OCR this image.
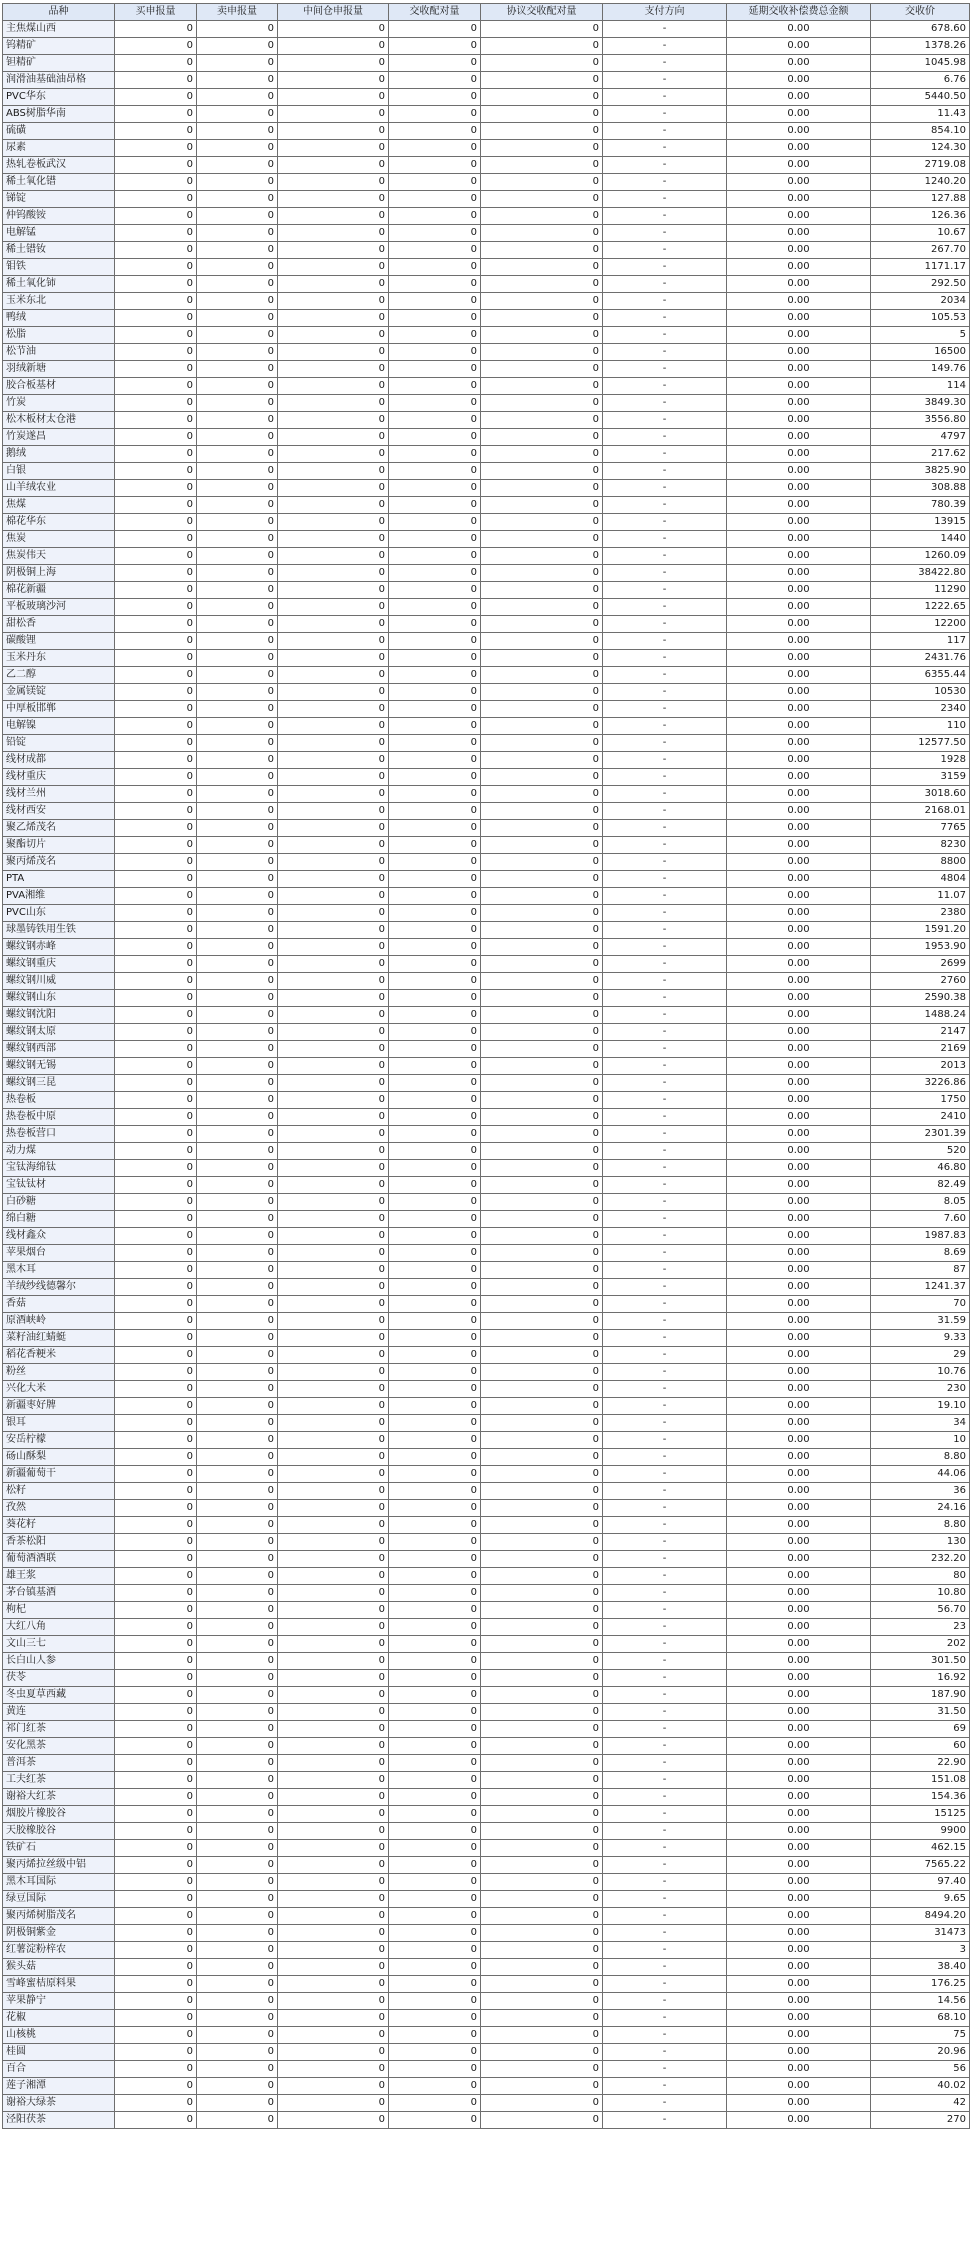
品种	买申报量	卖申报量	中间仓申报量	交收配对量	协议交收配对量	支付方向	延期交收补偿费总金额	交收价
主焦煤山西	0	0	0	0	0	-	0.00	678.60
钨精矿	0	0	0	0	0	-	0.00	1378.26
钽精矿	0	0	0	0	0	-	0.00	1045.98
润滑油基础油昂格	0	0	0	0	0	-	0.00	6.76
PVC华东	0	0	0	0	0	-	0.00	5440.50
ABS树脂华南	0	0	0	0	0	-	0.00	11.43
硫磺	0	0	0	0	0	-	0.00	854.10
尿素	0	0	0	0	0	-	0.00	124.30
热轧卷板武汉	0	0	0	0	0	-	0.00	2719.08
稀土氧化镨	0	0	0	0	0	-	0.00	1240.20
锑锭	0	0	0	0	0	-	0.00	127.88
仲钨酸铵	0	0	0	0	0	-	0.00	126.36
电解锰	0	0	0	0	0	-	0.00	10.67
稀土镨钕	0	0	0	0	0	-	0.00	267.70
钼铁	0	0	0	0	0	-	0.00	1171.17
稀土氧化铈	0	0	0	0	0	-	0.00	292.50
玉米东北	0	0	0	0	0	-	0.00	2034
鸭绒	0	0	0	0	0	-	0.00	105.53
松脂	0	0	0	0	0	-	0.00	5
松节油	0	0	0	0	0	-	0.00	16500
羽绒新塘	0	0	0	0	0	-	0.00	149.76
胶合板基材	0	0	0	0	0	-	0.00	114
竹炭	0	0	0	0	0	-	0.00	3849.30
松木板材太仓港	0	0	0	0	0	-	0.00	3556.80
竹炭遂昌	0	0	0	0	0	-	0.00	4797
鹅绒	0	0	0	0	0	-	0.00	217.62
白银	0	0	0	0	0	-	0.00	3825.90
山羊绒农业	0	0	0	0	0	-	0.00	308.88
焦煤	0	0	0	0	0	-	0.00	780.39
棉花华东	0	0	0	0	0	-	0.00	13915
焦炭	0	0	0	0	0	-	0.00	1440
焦炭伟天	0	0	0	0	0	-	0.00	1260.09
阴极铜上海	0	0	0	0	0	-	0.00	38422.80
棉花新疆	0	0	0	0	0	-	0.00	11290
平板玻璃沙河	0	0	0	0	0	-	0.00	1222.65
甜松香	0	0	0	0	0	-	0.00	12200
碳酸锂	0	0	0	0	0	-	0.00	117
玉米丹东	0	0	0	0	0	-	0.00	2431.76
乙二醇	0	0	0	0	0	-	0.00	6355.44
金属镁锭	0	0	0	0	0	-	0.00	10530
中厚板邯郸	0	0	0	0	0	-	0.00	2340
电解镍	0	0	0	0	0	-	0.00	110
铅锭	0	0	0	0	0	-	0.00	12577.50
线材成都	0	0	0	0	0	-	0.00	1928
线材重庆	0	0	0	0	0	-	0.00	3159
线材兰州	0	0	0	0	0	-	0.00	3018.60
线材西安	0	0	0	0	0	-	0.00	2168.01
聚乙烯茂名	0	0	0	0	0	-	0.00	7765
聚酯切片	0	0	0	0	0	-	0.00	8230
聚丙烯茂名	0	0	0	0	0	-	0.00	8800
PTA	0	0	0	0	0	-	0.00	4804
PVA湘维	0	0	0	0	0	-	0.00	11.07
PVC山东	0	0	0	0	0	-	0.00	2380
球墨铸铁用生铁	0	0	0	0	0	-	0.00	1591.20
螺纹钢赤峰	0	0	0	0	0	-	0.00	1953.90
螺纹钢重庆	0	0	0	0	0	-	0.00	2699
螺纹钢川威	0	0	0	0	0	-	0.00	2760
螺纹钢山东	0	0	0	0	0	-	0.00	2590.38
螺纹钢沈阳	0	0	0	0	0	-	0.00	1488.24
螺纹钢太原	0	0	0	0	0	-	0.00	2147
螺纹钢西部	0	0	0	0	0	-	0.00	2169
螺纹钢无锡	0	0	0	0	0	-	0.00	2013
螺纹钢三昆	0	0	0	0	0	-	0.00	3226.86
热卷板	0	0	0	0	0	-	0.00	1750
热卷板中原	0	0	0	0	0	-	0.00	2410
热卷板营口	0	0	0	0	0	-	0.00	2301.39
动力煤	0	0	0	0	0	-	0.00	520
宝钛海绵钛	0	0	0	0	0	-	0.00	46.80
宝钛钛材	0	0	0	0	0	-	0.00	82.49
白砂糖	0	0	0	0	0	-	0.00	8.05
绵白糖	0	0	0	0	0	-	0.00	7.60
线材鑫众	0	0	0	0	0	-	0.00	1987.83
苹果烟台	0	0	0	0	0	-	0.00	8.69
黑木耳	0	0	0	0	0	-	0.00	87
羊绒纱线德馨尔	0	0	0	0	0	-	0.00	1241.37
香菇	0	0	0	0	0	-	0.00	70
原酒峡岭	0	0	0	0	0	-	0.00	31.59
菜籽油红蜻蜓	0	0	0	0	0	-	0.00	9.33
稻花香粳米	0	0	0	0	0	-	0.00	29
粉丝	0	0	0	0	0	-	0.00	10.76
兴化大米	0	0	0	0	0	-	0.00	230
新疆枣好牌	0	0	0	0	0	-	0.00	19.10
银耳	0	0	0	0	0	-	0.00	34
安岳柠檬	0	0	0	0	0	-	0.00	10
砀山酥梨	0	0	0	0	0	-	0.00	8.80
新疆葡萄干	0	0	0	0	0	-	0.00	44.06
松籽	0	0	0	0	0	-	0.00	36
孜然	0	0	0	0	0	-	0.00	24.16
葵花籽	0	0	0	0	0	-	0.00	8.80
香茶松阳	0	0	0	0	0	-	0.00	130
葡萄酒酒联	0	0	0	0	0	-	0.00	232.20
雄王浆	0	0	0	0	0	-	0.00	80
茅台镇基酒	0	0	0	0	0	-	0.00	10.80
枸杞	0	0	0	0	0	-	0.00	56.70
大红八角	0	0	0	0	0	-	0.00	23
文山三七	0	0	0	0	0	-	0.00	202
长白山人参	0	0	0	0	0	-	0.00	301.50
茯苓	0	0	0	0	0	-	0.00	16.92
冬虫夏草西藏	0	0	0	0	0	-	0.00	187.90
黄连	0	0	0	0	0	-	0.00	31.50
祁门红茶	0	0	0	0	0	-	0.00	69
安化黑茶	0	0	0	0	0	-	0.00	60
普洱茶	0	0	0	0	0	-	0.00	22.90
工夫红茶	0	0	0	0	0	-	0.00	151.08
谢裕大红茶	0	0	0	0	0	-	0.00	154.36
烟胶片橡胶谷	0	0	0	0	0	-	0.00	15125
天胶橡胶谷	0	0	0	0	0	-	0.00	9900
铁矿石	0	0	0	0	0	-	0.00	462.15
聚丙烯拉丝级中铝	0	0	0	0	0	-	0.00	7565.22
黑木耳国际	0	0	0	0	0	-	0.00	97.40
绿豆国际	0	0	0	0	0	-	0.00	9.65
聚丙烯树脂茂名	0	0	0	0	0	-	0.00	8494.20
阴极铜紫金	0	0	0	0	0	-	0.00	31473
红薯淀粉梓农	0	0	0	0	0	-	0.00	3
猴头菇	0	0	0	0	0	-	0.00	38.40
雪峰蜜桔原料果	0	0	0	0	0	-	0.00	176.25
苹果静宁	0	0	0	0	0	-	0.00	14.56
花椒	0	0	0	0	0	-	0.00	68.10
山核桃	0	0	0	0	0	-	0.00	75
桂圆	0	0	0	0	0	-	0.00	20.96
百合	0	0	0	0	0	-	0.00	56
莲子湘潭	0	0	0	0	0	-	0.00	40.02
谢裕大绿茶	0	0	0	0	0	-	0.00	42
泾阳茯茶	0	0	0	0	0	-	0.00	270
